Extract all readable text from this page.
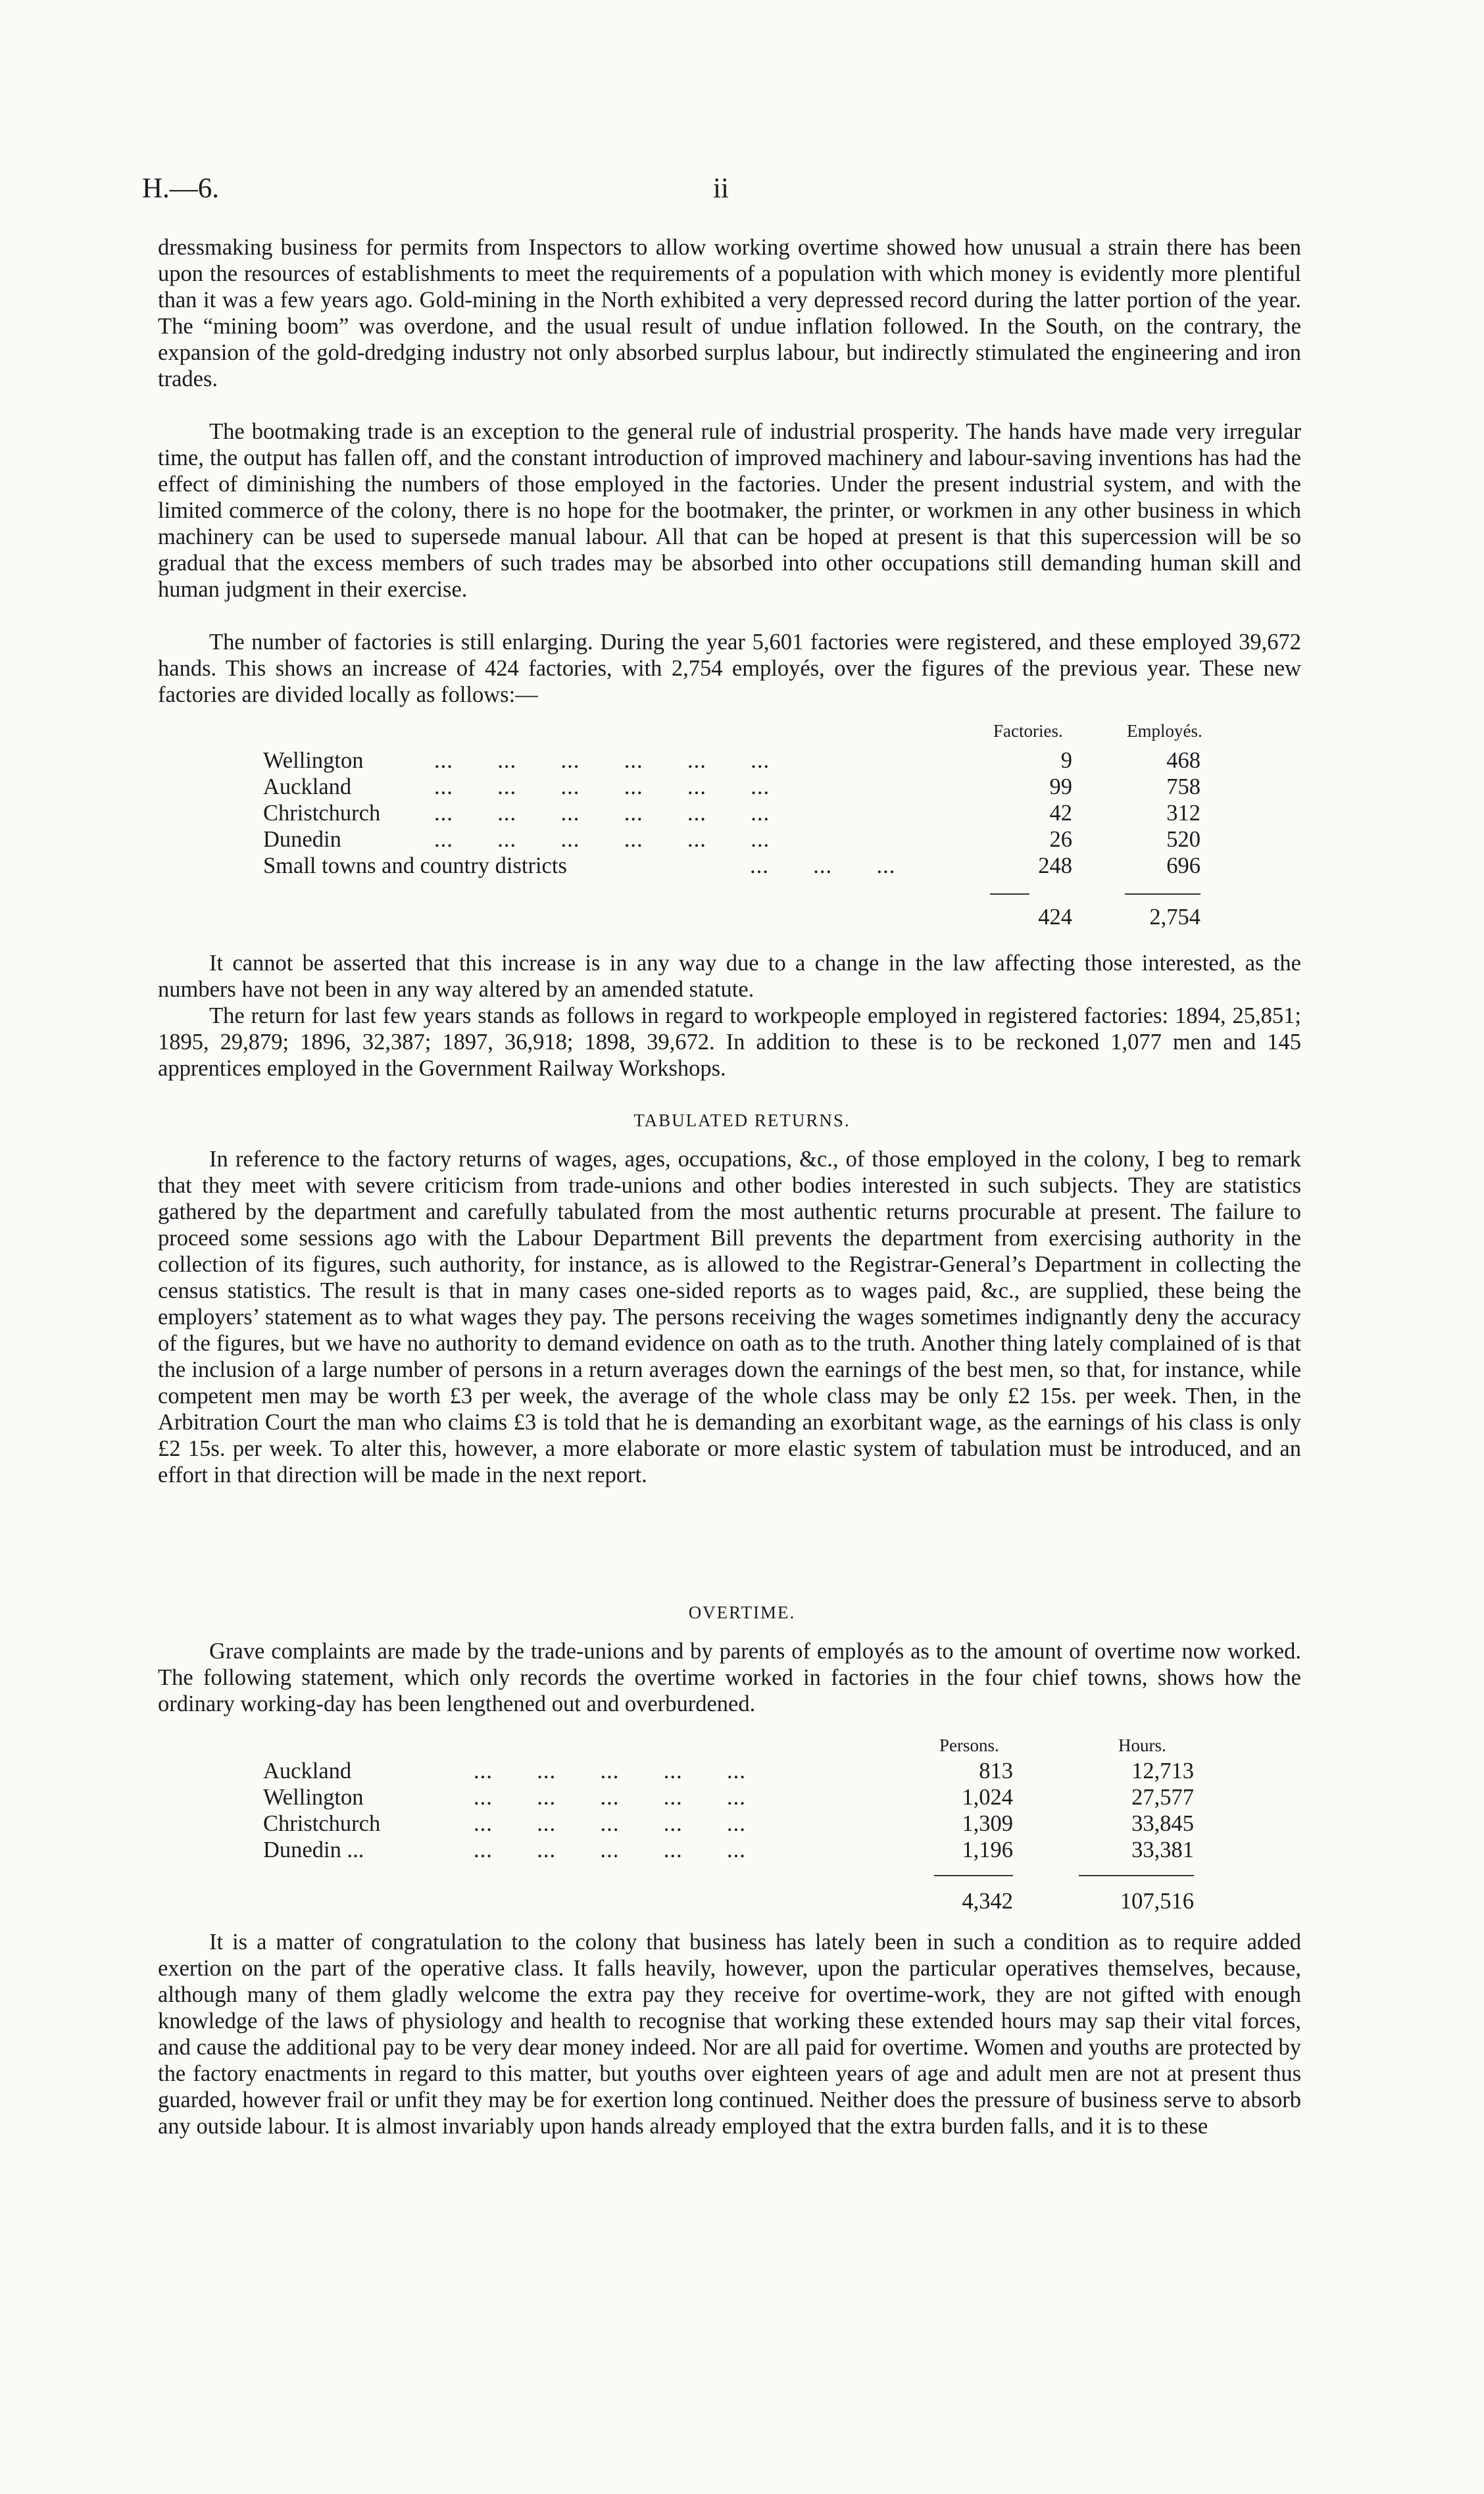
H.—6.	ii

dressmaking business for permits from Inspectors to allow working overtime showed how unusual a strain there has been upon the resources of establishments to meet the requirements of a population with which money is evidently more plentiful than it was a few years ago. Gold-mining in the North exhibited a very depressed record during the latter portion of the year. The “mining boom” was overdone, and the usual result of undue inflation followed. In the South, on the contrary, the expansion of the gold-dredging industry not only absorbed surplus labour, but indirectly stimulated the engineering and iron trades.

The bootmaking trade is an exception to the general rule of industrial prosperity. The hands have made very irregular time, the output has fallen off, and the constant introduction of improved machinery and labour-saving inventions has had the effect of diminishing the numbers of those employed in the factories. Under the present industrial system, and with the limited commerce of the colony, there is no hope for the bootmaker, the printer, or workmen in any other business in which machinery can be used to supersede manual labour. All that can be hoped at present is that this supercession will be so gradual that the excess members of such trades may be absorbed into other occupations still demanding human skill and human judgment in their exercise.

The number of factories is still enlarging. During the year 5,601 factories were registered, and these employed 39,672 hands. This shows an increase of 424 factories, with 2,754 employés, over the figures of the previous year. These new factories are divided locally as follows:—

Factories.	Employés.
Wellington	...       ...       ...       ...       ...       ...	9	468
Auckland	...       ...       ...       ...       ...       ...	99	758
Christchurch ...       ...       ...       ...       ...       ...	42	312
Dunedin	...       ...       ...       ...       ...       ...	26	520
Small towns and country districts	...       ...       ...	248	696
424	2,754

It cannot be asserted that this increase is in any way due to a change in the law affecting those interested, as the numbers have not been in any way altered by an amended statute.

The return for last few years stands as follows in regard to workpeople employed in registered factories: 1894, 25,851; 1895, 29,879; 1896, 32,387; 1897, 36,918; 1898, 39,672. In addition to these is to be reckoned 1,077 men and 145 apprentices employed in the Government Railway Workshops.

TABULATED RETURNS.

In reference to the factory returns of wages, ages, occupations, &c., of those employed in the colony, I beg to remark that they meet with severe criticism from trade-unions and other bodies interested in such subjects. They are statistics gathered by the department and carefully tabulated from the most authentic returns procurable at present. The failure to proceed some sessions ago with the Labour Department Bill prevents the department from exercising authority in the collection of its figures, such authority, for instance, as is allowed to the Registrar-General’s Department in collecting the census statistics. The result is that in many cases one-sided reports as to wages paid, &c., are supplied, these being the employers’ statement as to what wages they pay. The persons receiving the wages sometimes indignantly deny the accuracy of the figures, but we have no authority to demand evidence on oath as to the truth. Another thing lately complained of is that the inclusion of a large number of persons in a return averages down the earnings of the best men, so that, for instance, while competent men may be worth £3 per week, the average of the whole class may be only £2 15s. per week. Then, in the Arbitration Court the man who claims £3 is told that he is demanding an exorbitant wage, as the earnings of his class is only £2 15s. per week. To alter this, however, a more elaborate or more elastic system of tabulation must be introduced, and an effort in that direction will be made in the next report.

OVERTIME.

Grave complaints are made by the trade-unions and by parents of employés as to the amount of overtime now worked. The following statement, which only records the overtime worked in factories in the four chief towns, shows how the ordinary working-day has been lengthened out and overburdened.

Persons.	Hours.
Auckland	...       ...       ...       ...       ...	813	12,713
Wellington	...       ...       ...       ...       ...	1,024	27,577
Christchurch	...       ...       ...       ...       ...	1,309	33,845
Dunedin ...	...       ...       ...       ...       ...	1,196	33,381
4,342	107,516

It is a matter of congratulation to the colony that business has lately been in such a condition as to require added exertion on the part of the operative class. It falls heavily, however, upon the particular operatives themselves, because, although many of them gladly welcome the extra pay they receive for overtime-work, they are not gifted with enough knowledge of the laws of physiology and health to recognise that working these extended hours may sap their vital forces, and cause the additional pay to be very dear money indeed. Nor are all paid for overtime. Women and youths are protected by the factory enactments in regard to this matter, but youths over eighteen years of age and adult men are not at present thus guarded, however frail or unfit they may be for exertion long continued. Neither does the pressure of business serve to absorb any outside labour. It is almost invariably upon hands already employed that the extra burden falls, and it is to these
